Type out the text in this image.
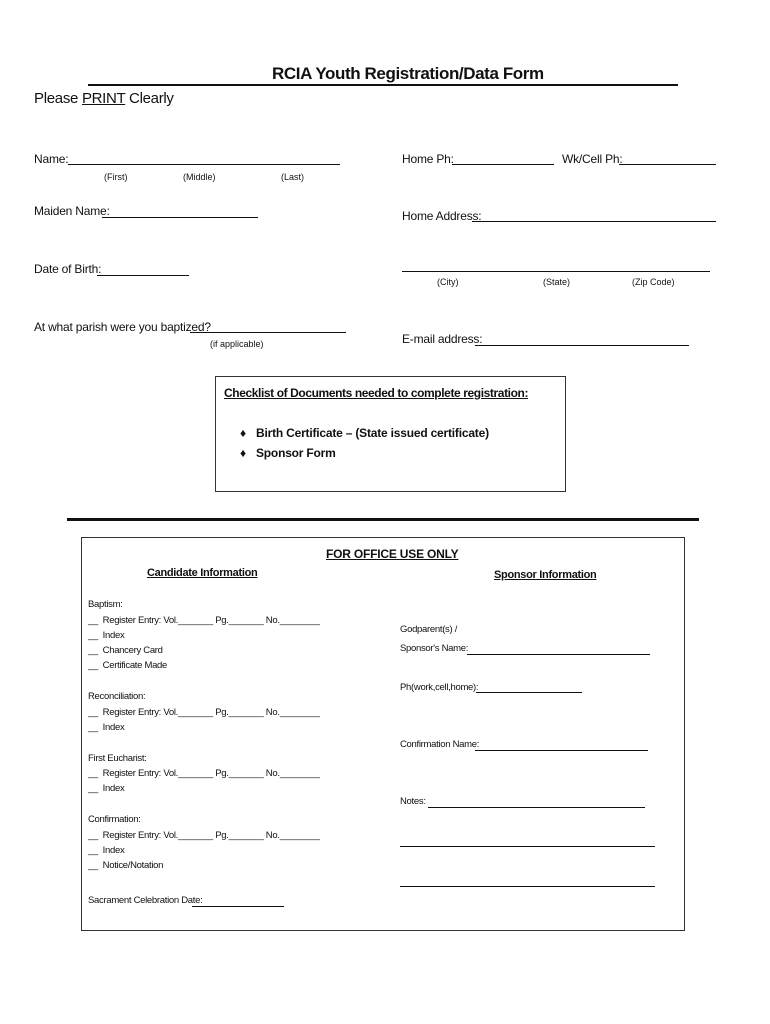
RCIA Youth Registration/Data Form
Please PRINT Clearly
Name:
(First)	(Middle)	(Last)
Maiden Name:
Date of Birth:
At what parish were you baptized?
(if applicable)
Home Ph:	Wk/Cell Ph:
Home Address:
(City)	(State)	(Zip Code)
E-mail address:
Checklist of Documents needed to complete registration:
♦ Birth Certificate – (State issued certificate)
♦ Sponsor Form
FOR OFFICE USE ONLY
Candidate Information	Sponsor Information
Baptism:
__ Register Entry: Vol._______ Pg._______ No.________
__ Index
__ Chancery Card
__ Certificate Made
Reconciliation:
__ Register Entry: Vol._______ Pg._______ No.________
__ Index
First Eucharist:
__ Register Entry: Vol._______ Pg._______ No.________
__ Index
Confirmation:
__ Register Entry: Vol._______ Pg._______ No.________
__ Index
__ Notice/Notation
Sacrament Celebration Date:
Godparent(s) /
Sponsor's Name:
Ph(work,cell,home):
Confirmation Name:
Notes:
